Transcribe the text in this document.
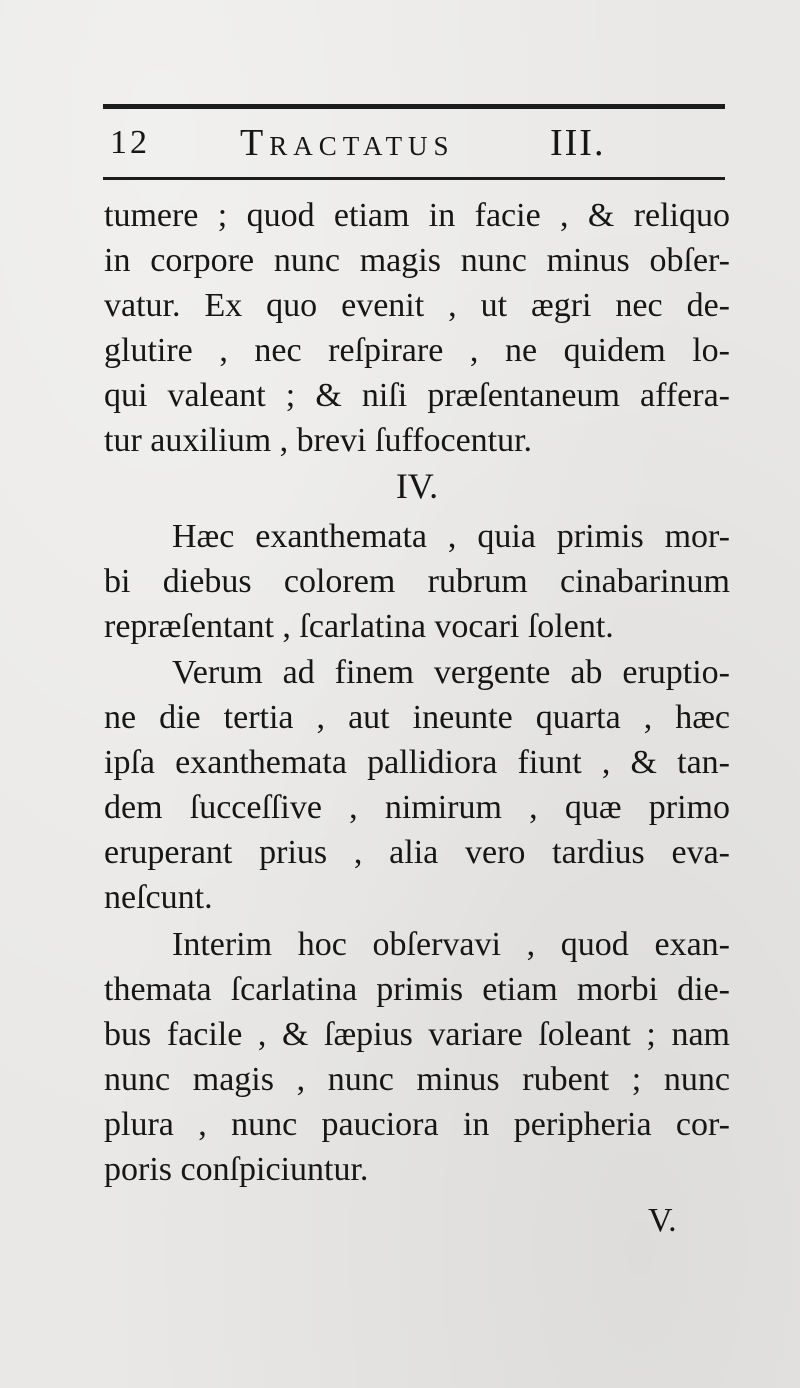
12 Tractatus	III.
tumere ; quod etiam in facie , & reliquo
in corpore nunc magis nunc minus obſer-
vatur. Ex quo evenit , ut ægri nec de-
glutire , nec reſpirare , ne quidem lo-
qui valeant ; & niſi præſentaneum affera-
tur auxilium , brevi ſuffocentur.
IV.
Hæc exanthemata , quia primis mor-
bi diebus colorem rubrum cinabarinum
repræſentant , ſcarlatina vocari ſolent.
Verum ad finem vergente ab eruptio-
ne die tertia , aut ineunte quarta , hæc
ipſa exanthemata pallidiora fiunt , & tan-
dem ſucceſſive , nimirum , quæ primo
eruperant prius , alia vero tardius eva-
neſcunt.
Interim hoc obſervavi , quod exan-
themata ſcarlatina primis etiam morbi die-
bus facile , & ſæpius variare ſoleant ; nam
nunc magis , nunc minus rubent ; nunc
plura , nunc pauciora in peripheria cor-
poris conſpiciuntur.
V.
